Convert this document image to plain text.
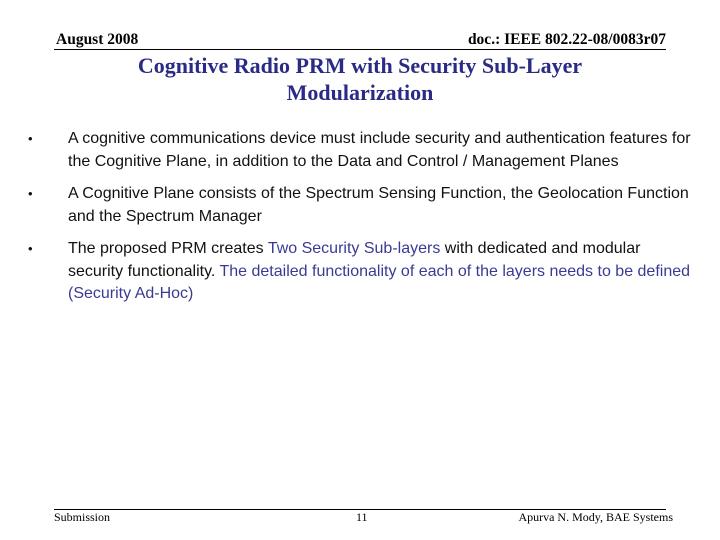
August 2008	doc.: IEEE 802.22-08/0083r07
Cognitive Radio PRM with Security Sub-Layer
Modularization
• A cognitive communications device must include security and authentication features for the Cognitive Plane, in addition to the Data and Control / Management Planes
• A Cognitive Plane consists of the Spectrum Sensing Function, the Geolocation Function and the Spectrum Manager
• The proposed PRM creates Two Security Sub-layers with dedicated and modular security functionality. The detailed functionality of each of the layers needs to be defined (Security Ad-Hoc)
Submission	11	Apurva N. Mody, BAE Systems
